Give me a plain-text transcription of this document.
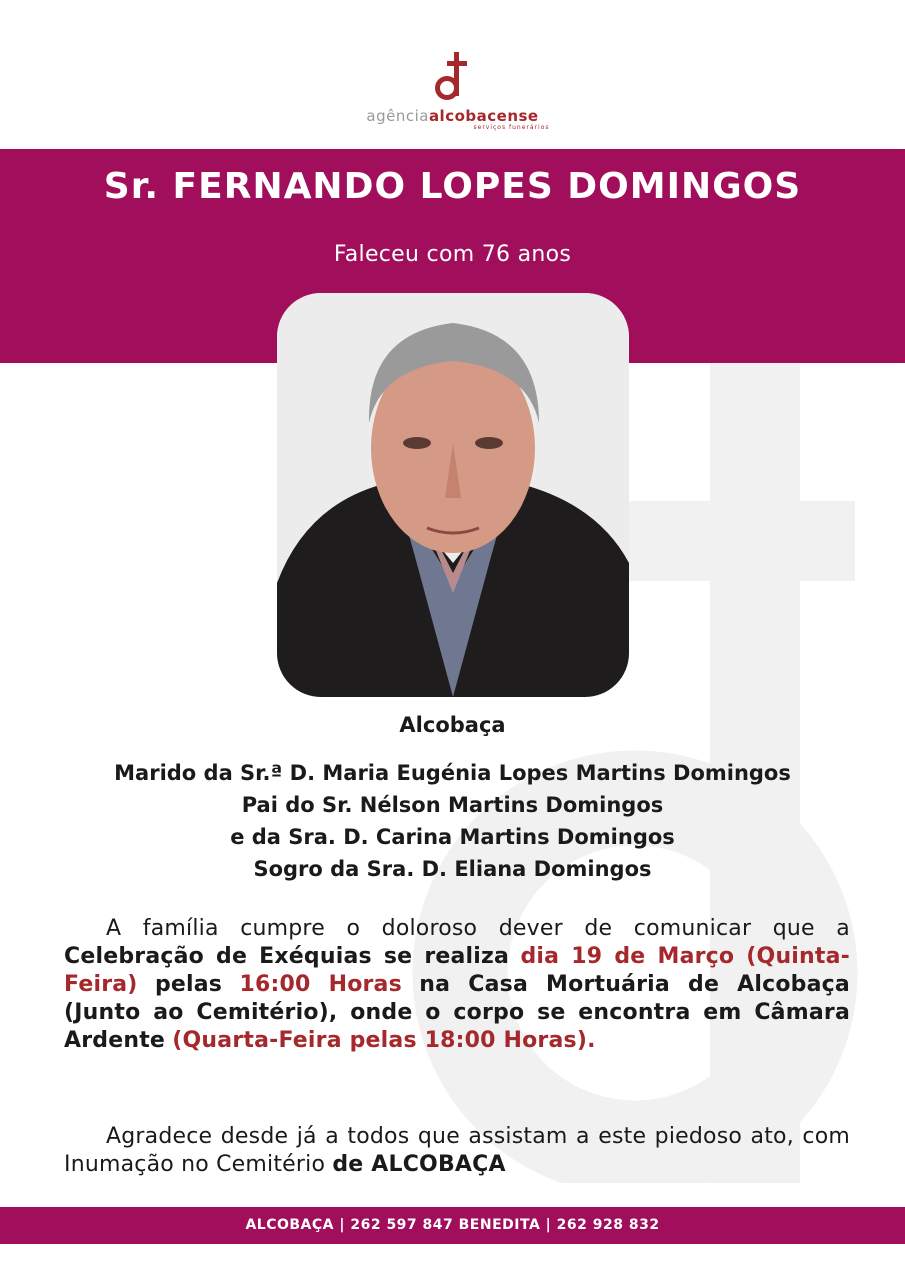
agênciaalcobacense
serviços funerários
Sr. FERNANDO LOPES DOMINGOS
Faleceu com 76 anos
Alcobaça
Marido da Sr.ª D. Maria Eugénia Lopes Martins Domingos
Pai do Sr. Nélson Martins Domingos
e da Sra. D. Carina Martins Domingos
Sogro da Sra. D. Eliana Domingos
A família cumpre o doloroso dever de comunicar que a Celebração de Exéquias se realiza dia 19 de Março (Quinta-Feira) pelas 16:00 Horas na Casa Mortuária de Alcobaça (Junto ao Cemitério), onde o corpo se encontra em Câmara Ardente (Quarta-Feira pelas 18:00 Horas).
Agradece desde já a todos que assistam a este piedoso ato, com Inumação no Cemitério de ALCOBAÇA
ALCOBAÇA | 262 597 847 BENEDITA | 262 928 832
